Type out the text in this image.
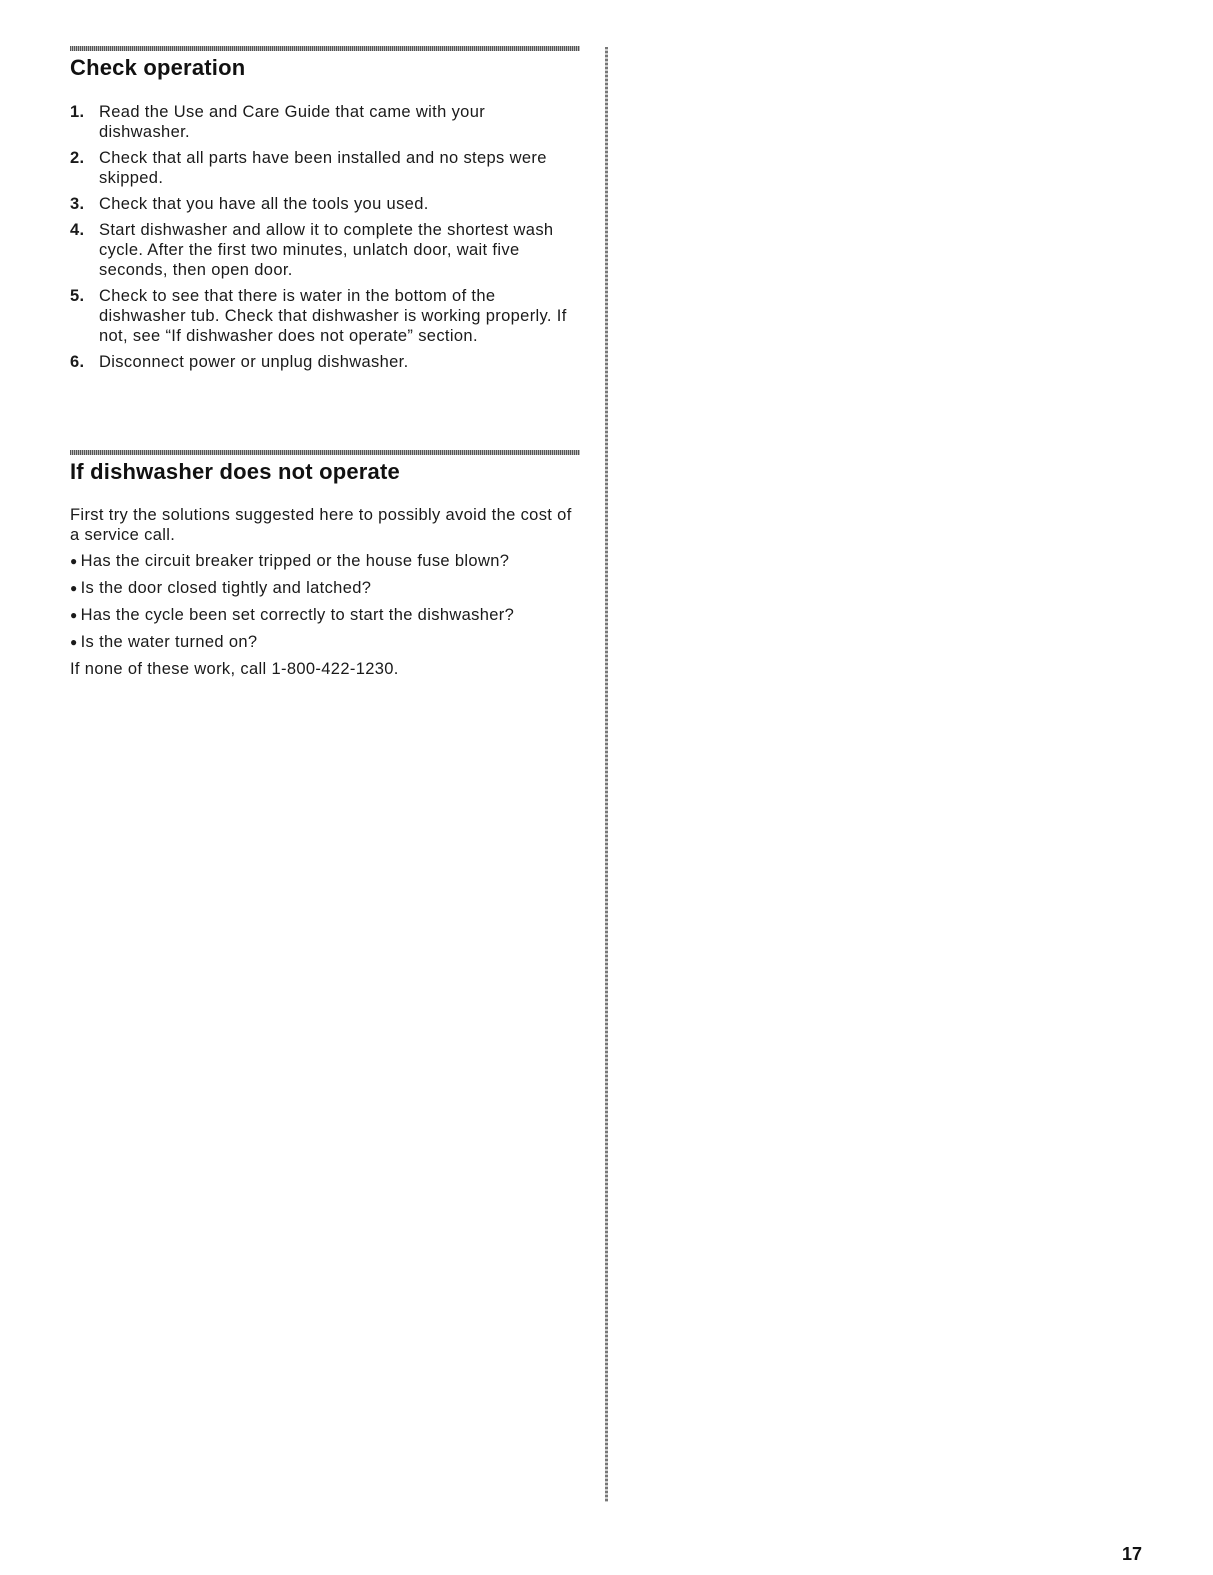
Check operation
1. Read the Use and Care Guide that came with your dishwasher.
2. Check that all parts have been installed and no steps were skipped.
3. Check that you have all the tools you used.
4. Start dishwasher and allow it to complete the shortest wash cycle. After the first two minutes, unlatch door, wait five seconds, then open door.
5. Check to see that there is water in the bottom of the dishwasher tub. Check that dishwasher is working properly. If not, see “If dishwasher does not operate” section.
6. Disconnect power or unplug dishwasher.
If dishwasher does not operate

First try the solutions suggested here to possibly avoid the cost of a service call.

● Has the circuit breaker tripped or the house fuse blown?
● Is the door closed tightly and latched?
● Has the cycle been set correctly to start the dishwasher?
● Is the water turned on?

If none of these work, call 1-800-422-1230.

17
